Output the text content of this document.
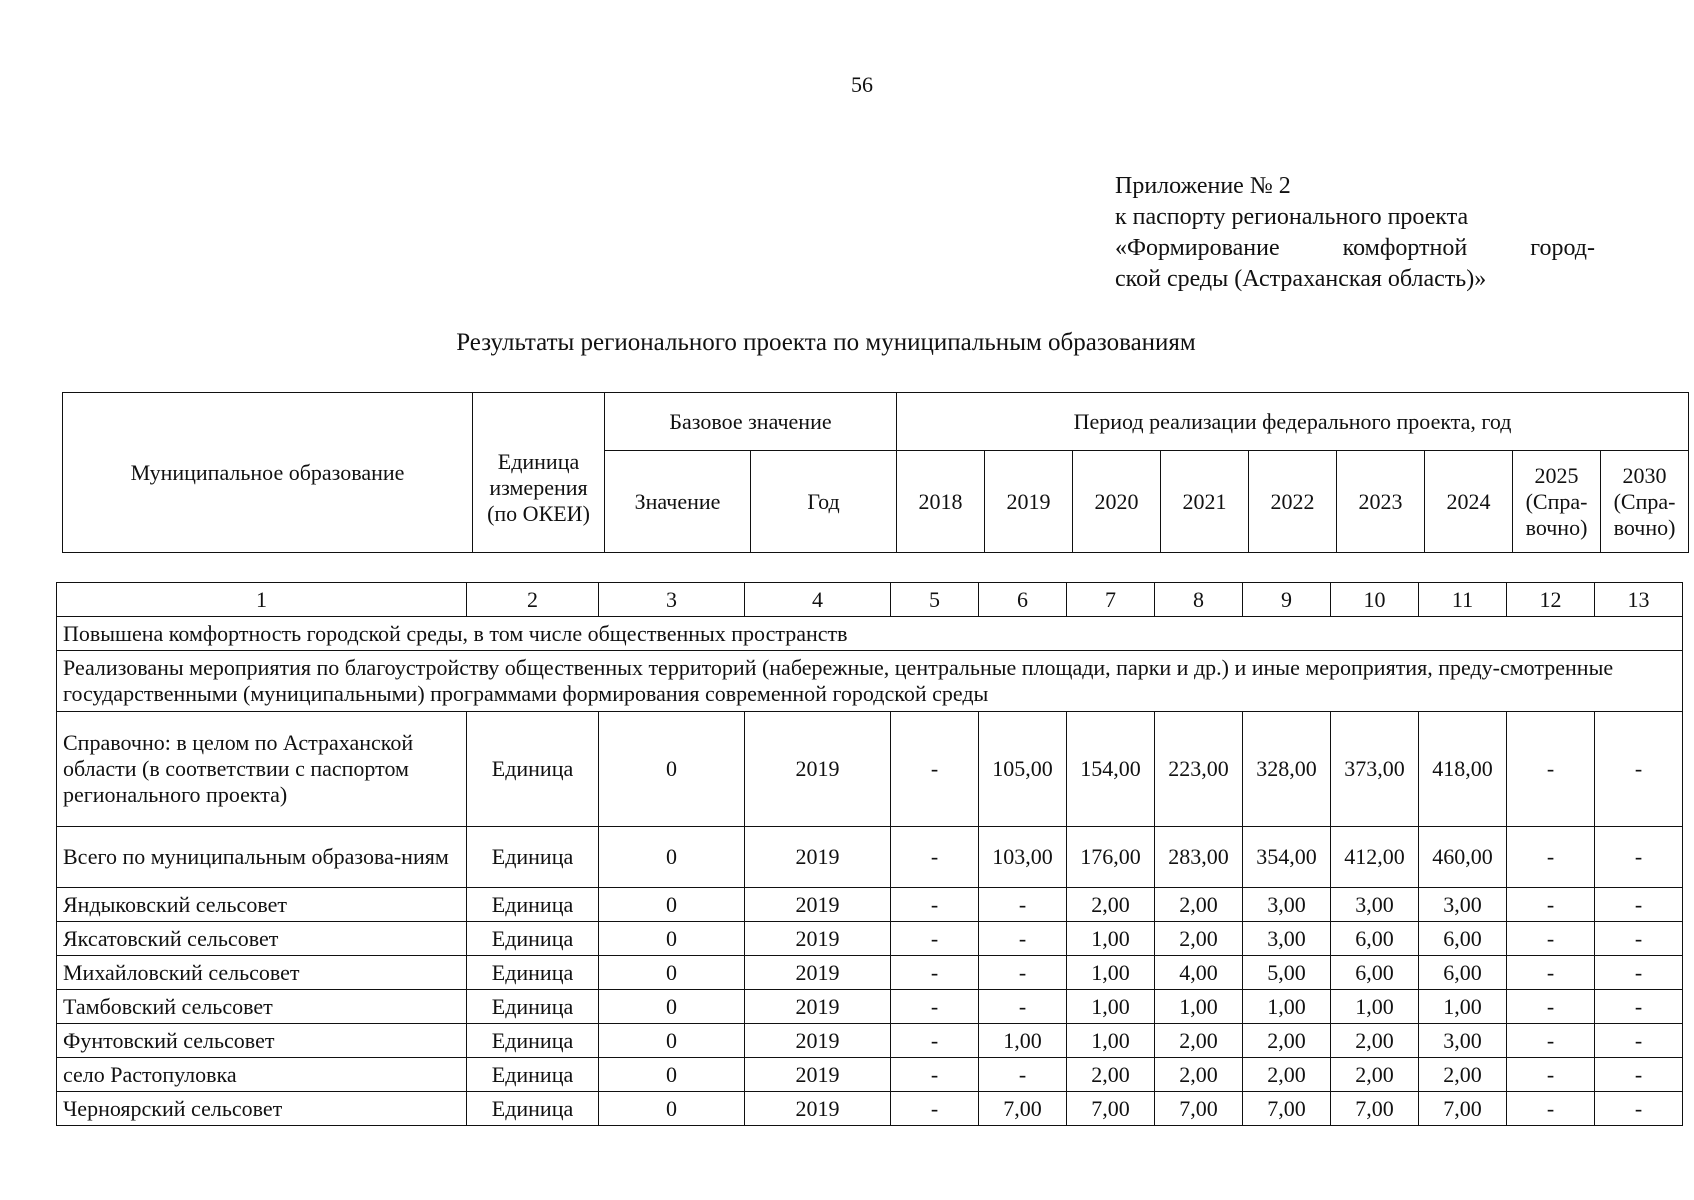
56
Приложение № 2
к паспорту регионального проекта
«Формирование	комфортной	город-
ской среды (Астраханская область)»
Результаты регионального проекта по муниципальным образованиям
Муниципальное образование	Единица измерения (по ОКЕИ)	Базовое значение		Период реализации федерального проекта, год								
		Значение	Год	2018	2019	2020	2021	2022	2023	2024	2025 (Спра-вочно)	2030 (Спра-вочно)
1	2	3	4	5	6	7	8	9	10	11	12	13
Повышена комфортность городской среды, в том числе общественных пространств												
Реализованы мероприятия по благоустройству общественных территорий (набережные, центральные площади, парки и др.) и иные мероприятия, преду-смотренные государственными (муниципальными) программами формирования современной городской среды												
Справочно: в целом по Астраханской области (в соответствии с паспортом регионального проекта)	Единица	0	2019	-	105,00	154,00	223,00	328,00	373,00	418,00	-	-
Всего по муниципальным образова-ниям	Единица	0	2019	-	103,00	176,00	283,00	354,00	412,00	460,00	-	-
Яндыковский сельсовет	Единица	0	2019	-	-	2,00	2,00	3,00	3,00	3,00	-	-
Яксатовский сельсовет	Единица	0	2019	-	-	1,00	2,00	3,00	6,00	6,00	-	-
Михайловский сельсовет	Единица	0	2019	-	-	1,00	4,00	5,00	6,00	6,00	-	-
Тамбовский сельсовет	Единица	0	2019	-	-	1,00	1,00	1,00	1,00	1,00	-	-
Фунтовский сельсовет	Единица	0	2019	-	1,00	1,00	2,00	2,00	2,00	3,00	-	-
село Растопуловка	Единица	0	2019	-	-	2,00	2,00	2,00	2,00	2,00	-	-
Черноярский сельсовет	Единица	0	2019	-	7,00	7,00	7,00	7,00	7,00	7,00	-	-
